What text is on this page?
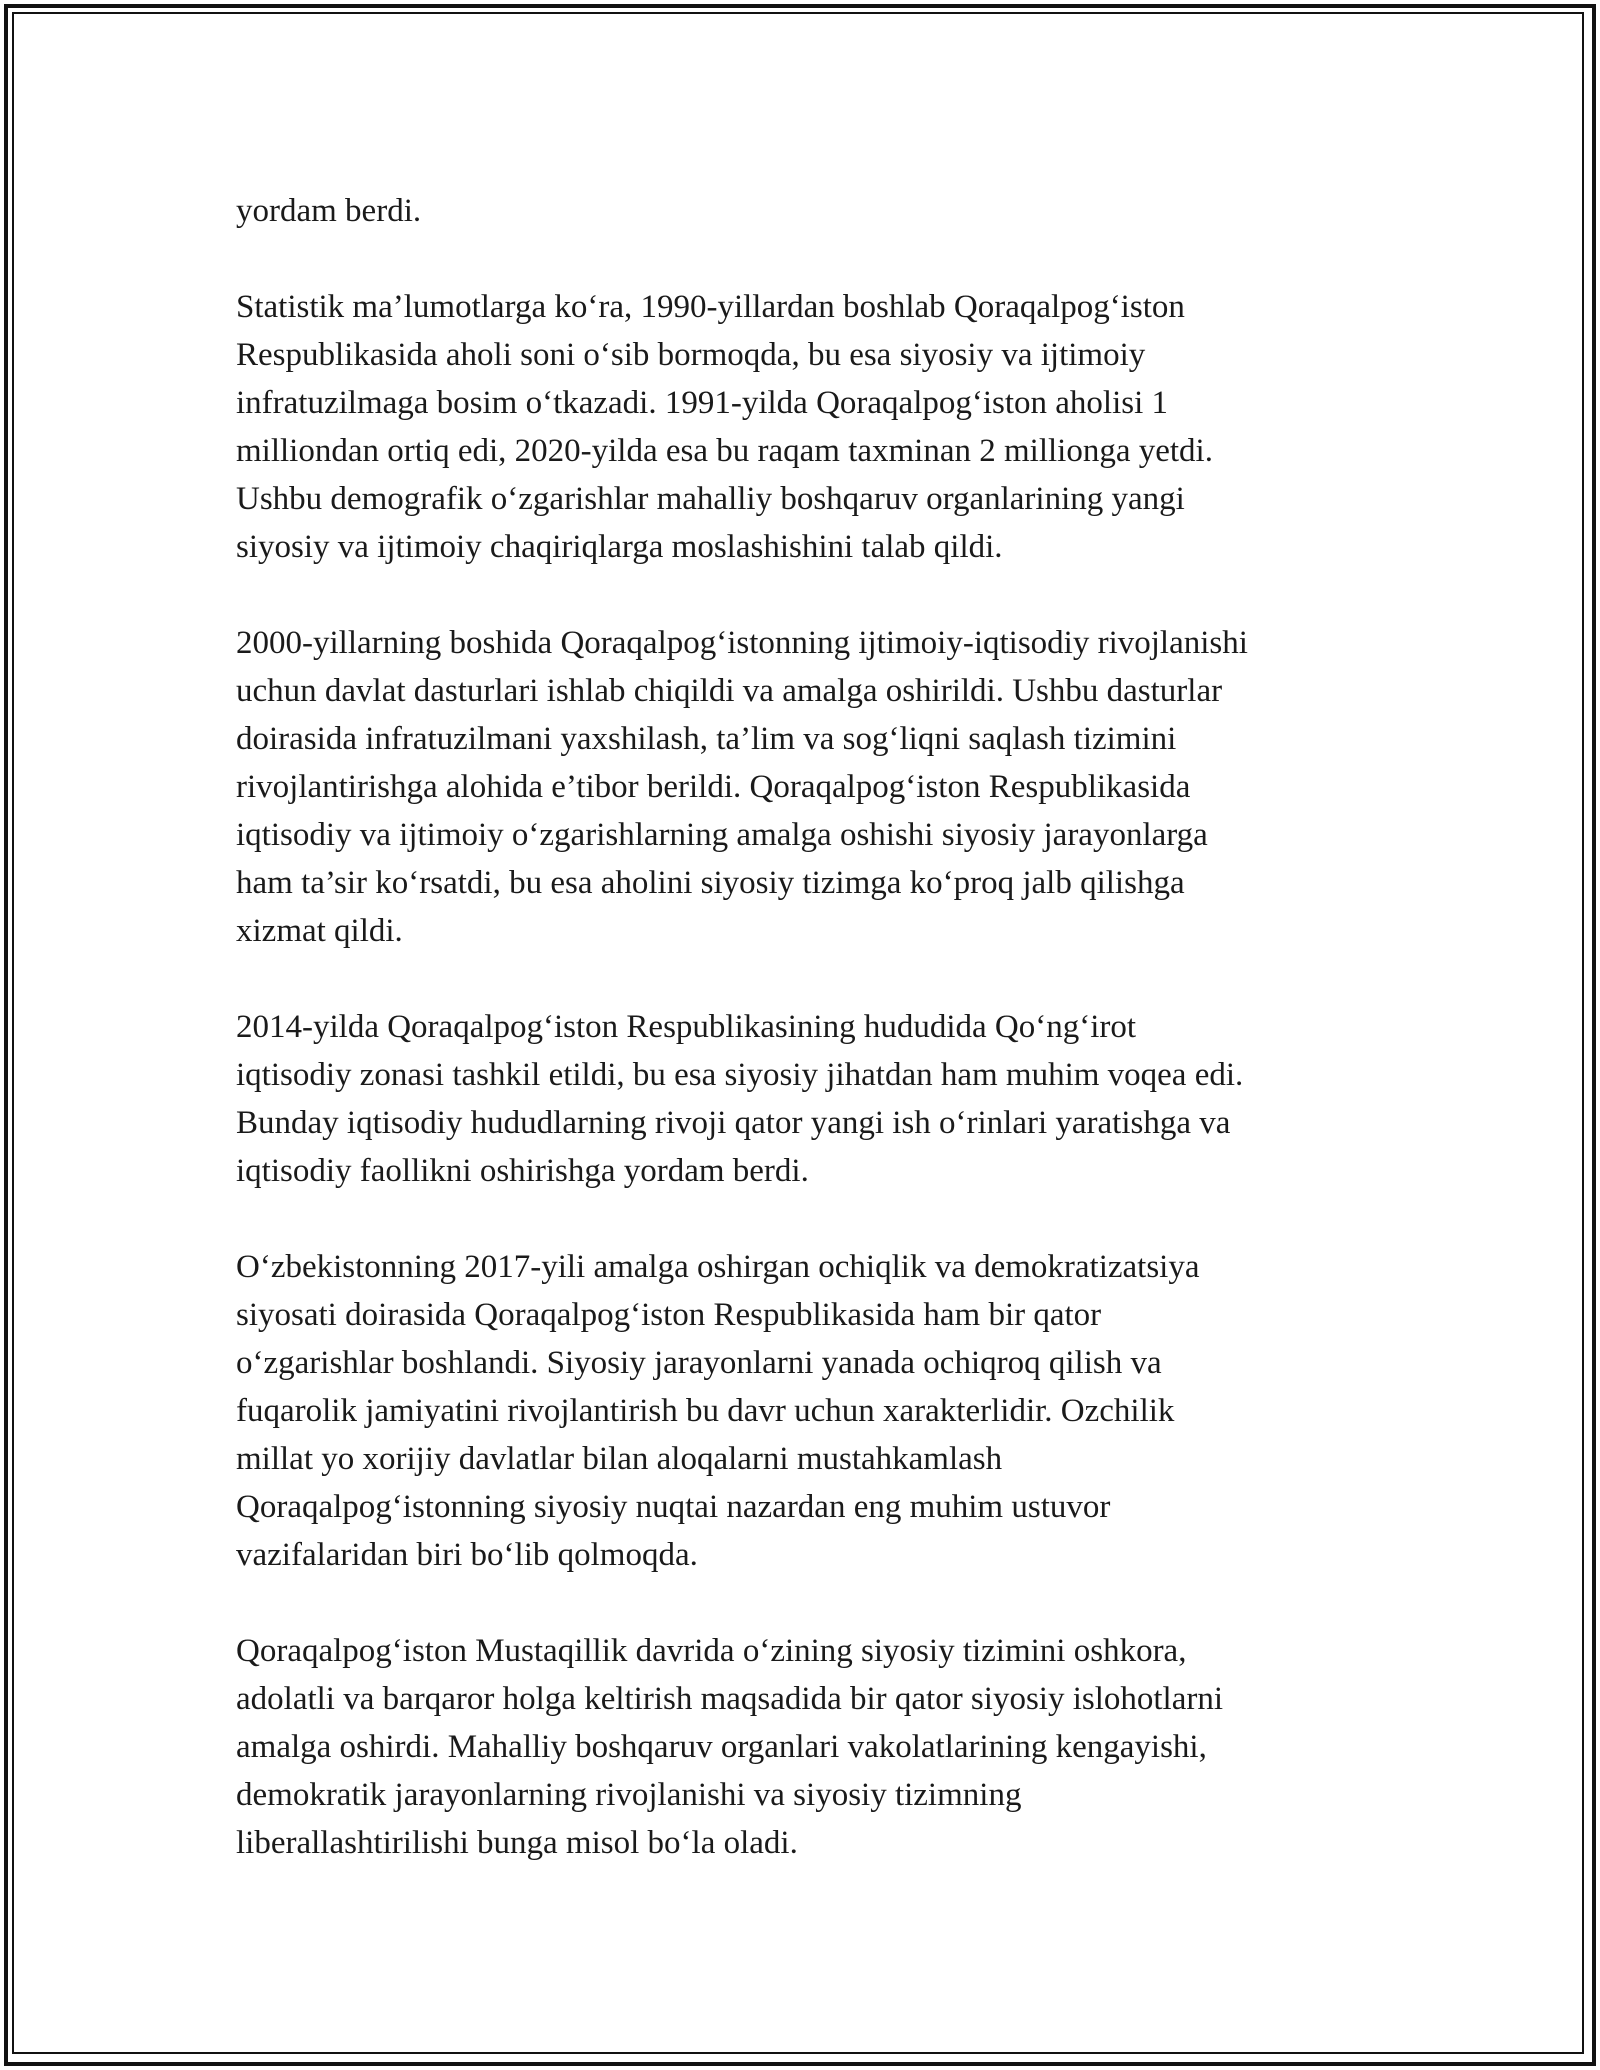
yordam berdi.

Statistik ma’lumotlarga ko‘ra, 1990-yillardan boshlab Qoraqalpog‘iston
Respublikasida aholi soni o‘sib bormoqda, bu esa siyosiy va ijtimoiy
infratuzilmaga bosim o‘tkazadi. 1991-yilda Qoraqalpog‘iston aholisi 1
milliondan ortiq edi, 2020-yilda esa bu raqam taxminan 2 millionga yetdi.
Ushbu demografik o‘zgarishlar mahalliy boshqaruv organlarining yangi
siyosiy va ijtimoiy chaqiriqlarga moslashishini talab qildi.

2000-yillarning boshida Qoraqalpog‘istonning ijtimoiy-iqtisodiy rivojlanishi
uchun davlat dasturlari ishlab chiqildi va amalga oshirildi. Ushbu dasturlar
doirasida infratuzilmani yaxshilash, ta’lim va sog‘liqni saqlash tizimini
rivojlantirishga alohida e’tibor berildi. Qoraqalpog‘iston Respublikasida
iqtisodiy va ijtimoiy o‘zgarishlarning amalga oshishi siyosiy jarayonlarga
ham ta’sir ko‘rsatdi, bu esa aholini siyosiy tizimga ko‘proq jalb qilishga
xizmat qildi.

2014-yilda Qoraqalpog‘iston Respublikasining hududida Qo‘ng‘irot
iqtisodiy zonasi tashkil etildi, bu esa siyosiy jihatdan ham muhim voqea edi.
Bunday iqtisodiy hududlarning rivoji qator yangi ish o‘rinlari yaratishga va
iqtisodiy faollikni oshirishga yordam berdi.

O‘zbekistonning 2017-yili amalga oshirgan ochiqlik va demokratizatsiya
siyosati doirasida Qoraqalpog‘iston Respublikasida ham bir qator
o‘zgarishlar boshlandi. Siyosiy jarayonlarni yanada ochiqroq qilish va
fuqarolik jamiyatini rivojlantirish bu davr uchun xarakterlidir. Ozchilik
millat yo xorijiy davlatlar bilan aloqalarni mustahkamlash
Qoraqalpog‘istonning siyosiy nuqtai nazardan eng muhim ustuvor
vazifalaridan biri bo‘lib qolmoqda.

Qoraqalpog‘iston Mustaqillik davrida o‘zining siyosiy tizimini oshkora,
adolatli va barqaror holga keltirish maqsadida bir qator siyosiy islohotlarni
amalga oshirdi. Mahalliy boshqaruv organlari vakolatlarining kengayishi,
demokratik jarayonlarning rivojlanishi va siyosiy tizimning
liberallashtirilishi bunga misol bo‘la oladi.
